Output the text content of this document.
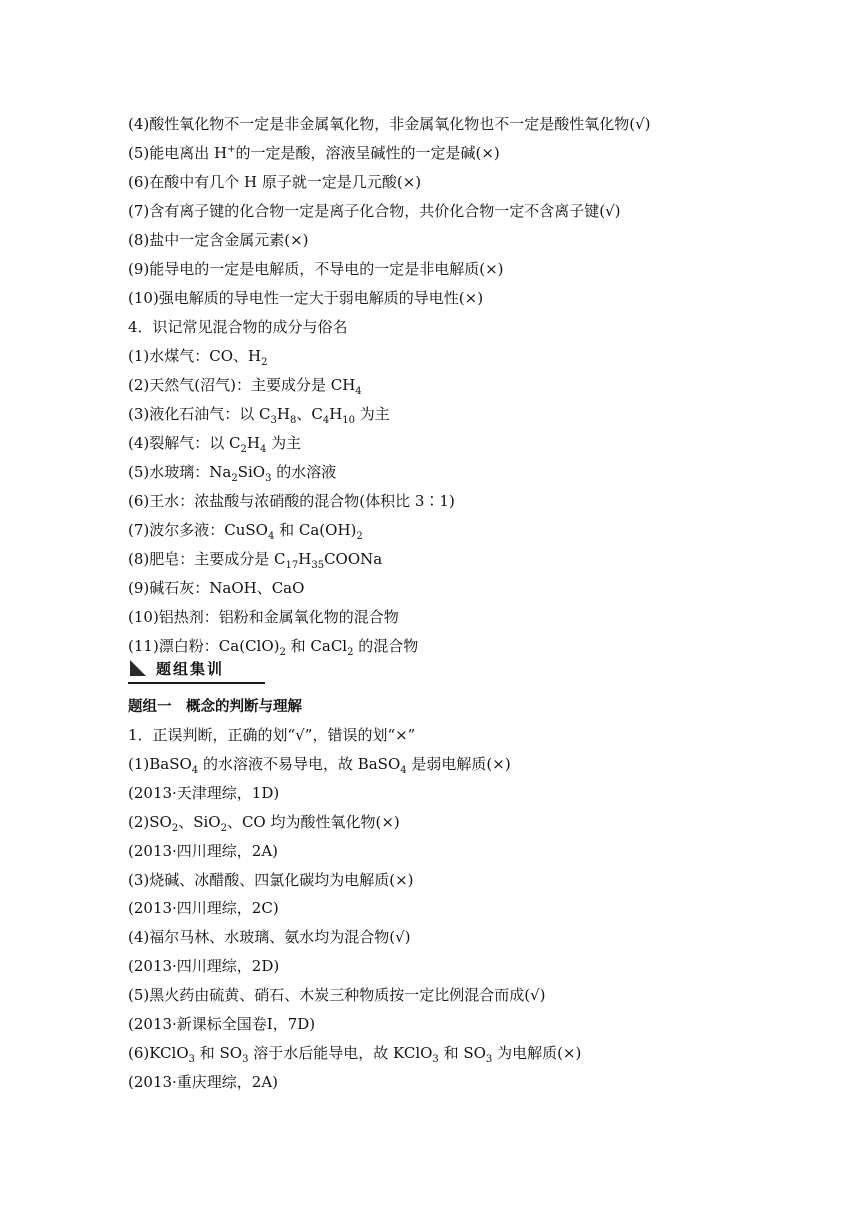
(4)酸性氧化物不一定是非金属氧化物，非金属氧化物也不一定是酸性氧化物(√)
(5)能电离出 H+的一定是酸，溶液呈碱性的一定是碱(×)
(6)在酸中有几个 H 原子就一定是几元酸(×)
(7)含有离子键的化合物一定是离子化合物，共价化合物一定不含离子键(√)
(8)盐中一定含金属元素(×)
(9)能导电的一定是电解质，不导电的一定是非电解质(×)
(10)强电解质的导电性一定大于弱电解质的导电性(×)
4．识记常见混合物的成分与俗名
(1)水煤气：CO、$H_2$
(2)天然气(沼气)：主要成分是 $CH_4$
(3)液化石油气：以 $C_3H_8$、$C_4H_{10}$ 为主
(4)裂解气：以 $C_2H_4$ 为主
(5)水玻璃：$Na_2SiO_3$ 的水溶液
(6)王水：浓盐酸与浓硝酸的混合物(体积比 3∶1)
(7)波尔多液：CuSO$_4$ 和 $Ca(OH)_2$
(8)肥皂：主要成分是 $C_{17}H_{35}COONa$
(9)碱石灰：NaOH、CaO
(10)铝热剂：铝粉和金属氧化物的混合物
(11)漂白粉：$Ca(ClO)_2$ 和 CaCl$_2$ 的混合物
题组集训
题组一　概念的判断与理解
1．正误判断，正确的划“√”，错误的划“×”
(1)BaSO$_4$ 的水溶液不易导电，故 BaSO$_4$ 是弱电解质(×)
(2013·天津理综，1D)
$(2)SO_2$、SiO$_2$、CO 均为酸性氧化物(×)
(2013·四川理综，2A)
(3)烧碱、冰醋酸、四氯化碳均为电解质(×)
(2013·四川理综，2C)
(4)福尔马林、水玻璃、氨水均为混合物(√)
(2013·四川理综，2D)
(5)黑火药由硫黄、硝石、木炭三种物质按一定比例混合而成(√)
(2013·新课标全国卷Ⅰ，7D)
(6)KClO$_3$ 和 $SO_3$ 溶于水后能导电，故 KClO$_3$ 和 $SO_3$ 为电解质(×)
(2013·重庆理综，2A)
